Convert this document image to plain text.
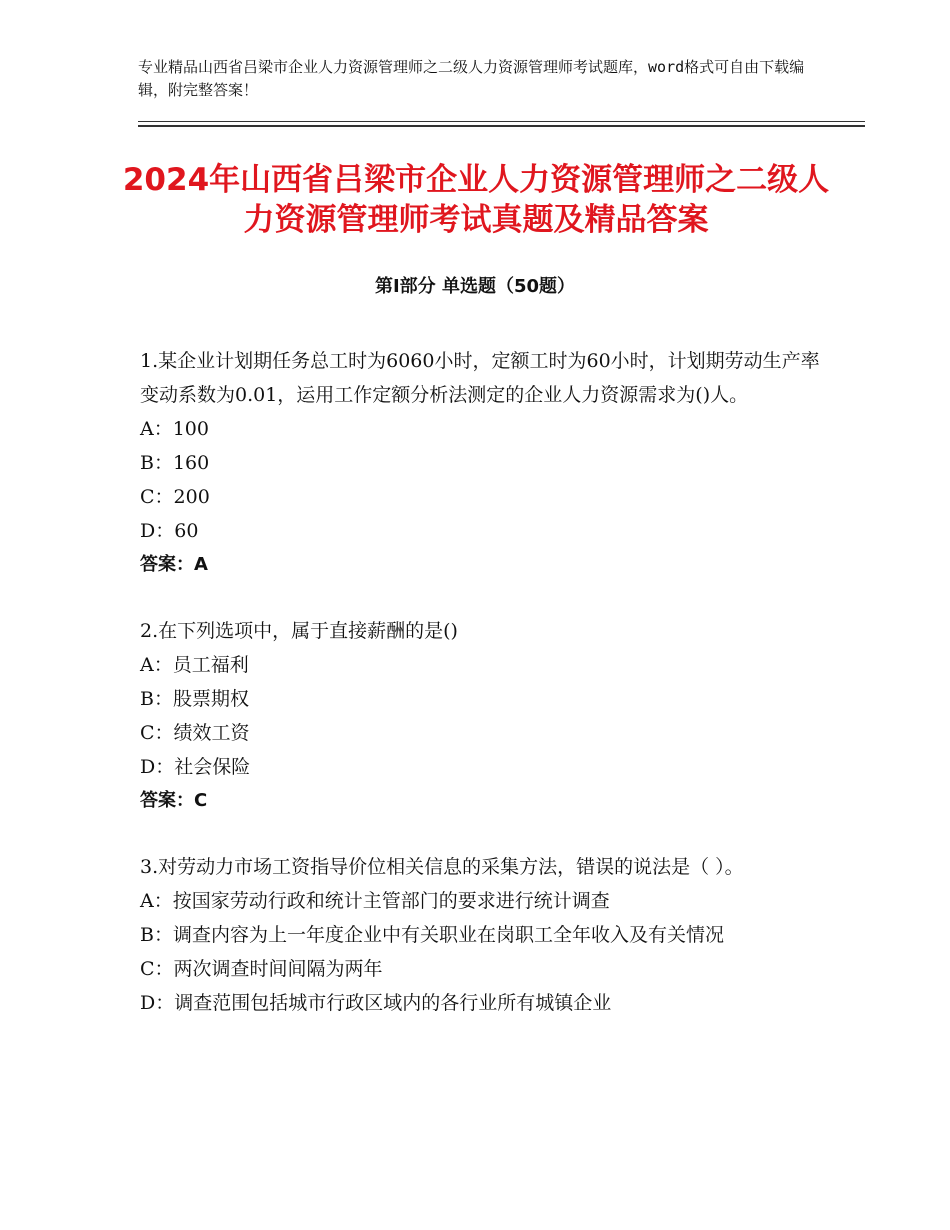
专业精品山西省吕梁市企业人力资源管理师之二级人力资源管理师考试题库，word格式可自由下载编辑，附完整答案！
2024年山西省吕梁市企业人力资源管理师之二级人力资源管理师考试真题及精品答案
第Ⅰ部分 单选题（50题）

1.某企业计划期任务总工时为6060小时，定额工时为60小时，计划期劳动生产率变动系数为0.01，运用工作定额分析法测定的企业人力资源需求为()人。

A：100

B：160

C：200

D：60

答案：A

2.在下列选项中，属于直接薪酬的是()

A：员工福利

B：股票期权

C：绩效工资

D：社会保险

答案：C

3.对劳动力市场工资指导价位相关信息的采集方法，错误的说法是（ ）。

A：按国家劳动行政和统计主管部门的要求进行统计调查

B：调查内容为上一年度企业中有关职业在岗职工全年收入及有关情况

C：两次调查时间间隔为两年

D：调查范围包括城市行政区域内的各行业所有城镇企业
